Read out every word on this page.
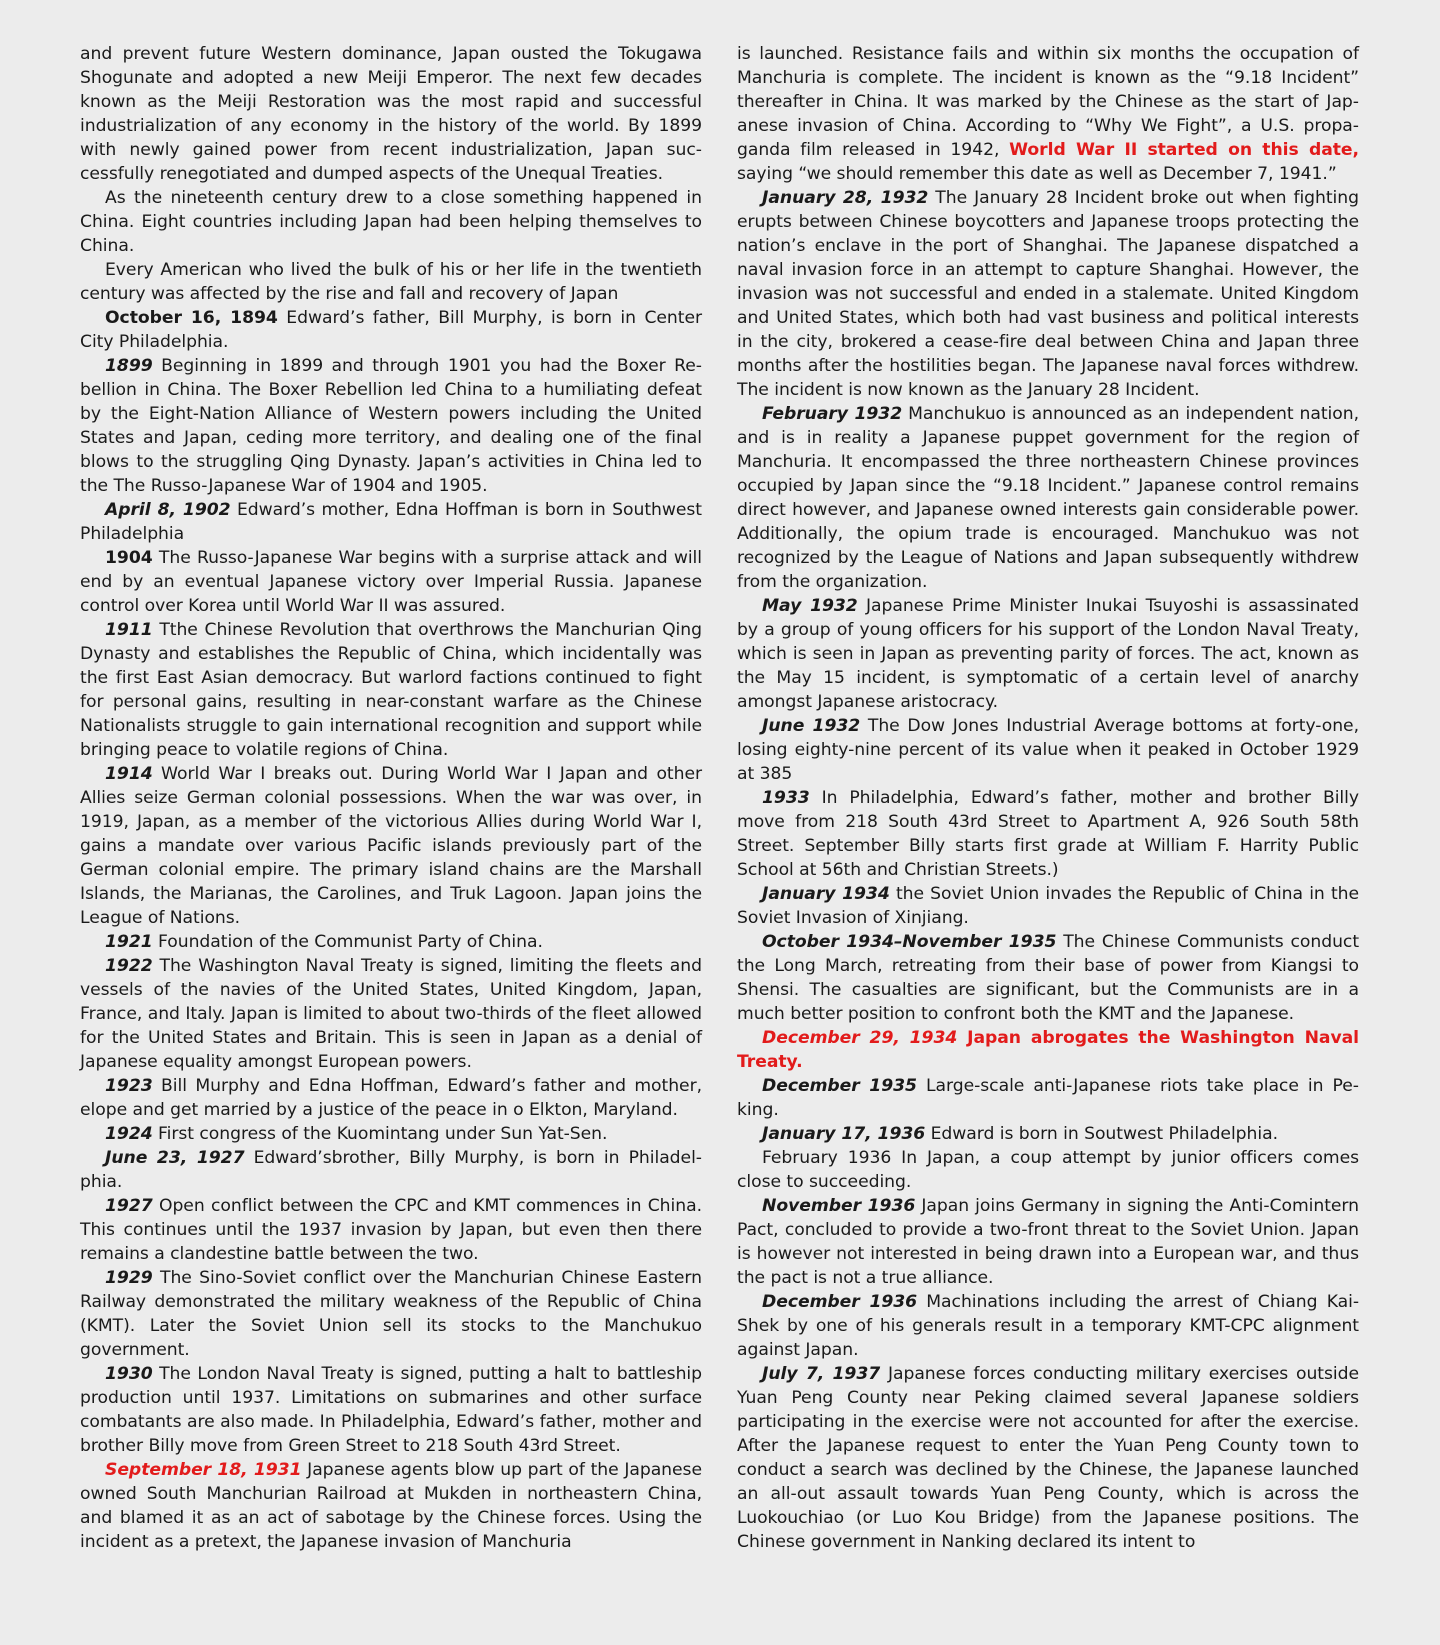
and prevent future Western dominance, Japan ousted the Tokugawa Shogunate and adopted a new Meiji Emperor. The next few decades known as the Meiji Restoration was the most rapid and successful industrialization of any economy in the history of the world. By 1899 with newly gained power from recent industrialization, Japan successfully renegotiated and dumped aspects of the Unequal Treaties.

As the nineteenth century drew to a close something happened in China. Eight countries including Japan had been helping themselves to China.

Every American who lived the bulk of his or her life in the twentieth century was affected by the rise and fall and recovery of Japan

October 16, 1894 Edward’s father, Bill Murphy, is born in Center City Philadelphia.

1899 Beginning in 1899 and through 1901 you had the Boxer Rebellion in China. The Boxer Rebellion led China to a humiliating defeat by the Eight-Nation Alliance of Western powers including the United States and Japan, ceding more territory, and dealing one of the final blows to the struggling Qing Dynasty. Japan’s activities in China led to the The Russo-Japanese War of 1904 and 1905.

April 8, 1902 Edward’s mother, Edna Hoffman is born in Southwest Philadelphia

1904 The Russo-Japanese War begins with a surprise attack and will end by an eventual Japanese victory over Imperial Russia. Japanese control over Korea until World War II was assured.

1911 Tthe Chinese Revolution that overthrows the Manchurian Qing Dynasty and establishes the Republic of China, which incidentally was the first East Asian democracy. But warlord factions continued to fight for personal gains, resulting in near-constant warfare as the Chinese Nationalists struggle to gain international recognition and support while bringing peace to volatile regions of China.

1914 World War I breaks out. During World War I Japan and other Allies seize German colonial possessions. When the war was over, in 1919, Japan, as a member of the victorious Allies during World War I, gains a mandate over various Pacific islands previously part of the German colonial empire. The primary island chains are the Marshall Islands, the Marianas, the Carolines, and Truk Lagoon. Japan joins the League of Nations.

1921 Foundation of the Communist Party of China.

1922 The Washington Naval Treaty is signed, limiting the fleets and vessels of the navies of the United States, United Kingdom, Japan, France, and Italy. Japan is limited to about two-thirds of the fleet allowed for the United States and Britain. This is seen in Japan as a denial of Japanese equality amongst European powers.

1923 Bill Murphy and Edna Hoffman, Edward’s father and mother, elope and get married by a justice of the peace in o Elkton, Maryland.

1924 First congress of the Kuomintang under Sun Yat-Sen.

June 23, 1927 Edward’sbrother, Billy Murphy, is born in Philadelphia.

1927 Open conflict between the CPC and KMT commences in China. This continues until the 1937 invasion by Japan, but even then there remains a clandestine battle between the two.

1929 The Sino-Soviet conflict over the Manchurian Chinese Eastern Railway demonstrated the military weakness of the Republic of China (KMT). Later the Soviet Union sell its stocks to the Manchukuo government.

1930 The London Naval Treaty is signed, putting a halt to battleship production until 1937. Limitations on submarines and other surface combatants are also made. In Philadelphia, Edward’s father, mother and brother Billy move from Green Street to 218 South 43rd Street.

September 18, 1931 Japanese agents blow up part of the Japanese owned South Manchurian Railroad at Mukden in northeastern China, and blamed it as an act of sabotage by the Chinese forces. Using the incident as a pretext, the Japanese invasion of Manchuria

is launched. Resistance fails and within six months the occupation of Manchuria is complete. The incident is known as the “9.18 Incident” thereafter in China. It was marked by the Chinese as the start of Japanese invasion of China. According to “Why We Fight”, a U.S. propaganda film released in 1942, World War II started on this date, saying “we should remember this date as well as December 7, 1941.”

January 28, 1932 The January 28 Incident broke out when fighting erupts between Chinese boycotters and Japanese troops protecting the nation’s enclave in the port of Shanghai. The Japanese dispatched a naval invasion force in an attempt to capture Shanghai. However, the invasion was not successful and ended in a stalemate. United Kingdom and United States, which both had vast business and political interests in the city, brokered a cease-fire deal between China and Japan three months after the hostilities began. The Japanese naval forces withdrew. The incident is now known as the January 28 Incident.

February 1932 Manchukuo is announced as an independent nation, and is in reality a Japanese puppet government for the region of Manchuria. It encompassed the three northeastern Chinese provinces occupied by Japan since the “9.18 Incident.” Japanese control remains direct however, and Japanese owned interests gain considerable power. Additionally, the opium trade is encouraged. Manchukuo was not recognized by the League of Nations and Japan subsequently withdrew from the organization.

May 1932 Japanese Prime Minister Inukai Tsuyoshi is assassinated by a group of young officers for his support of the London Naval Treaty, which is seen in Japan as preventing parity of forces. The act, known as the May 15 incident, is symptomatic of a certain level of anarchy amongst Japanese aristocracy.

June 1932 The Dow Jones Industrial Average bottoms at forty-one, losing eighty-nine percent of its value when it peaked in October 1929 at 385

1933 In Philadelphia, Edward’s father, mother and brother Billy move from 218 South 43rd Street to Apartment A, 926 South 58th Street. September Billy starts first grade at William F. Harrity Public School at 56th and Christian Streets.)

January 1934 the Soviet Union invades the Republic of China in the Soviet Invasion of Xinjiang.

October 1934–November 1935 The Chinese Communists conduct the Long March, retreating from their base of power from Kiangsi to Shensi. The casualties are significant, but the Communists are in a much better position to confront both the KMT and the Japanese.

December 29, 1934 Japan abrogates the Washington Naval Treaty.

December 1935 Large-scale anti-Japanese riots take place in Peking.

January 17, 1936 Edward is born in Soutwest Philadelphia.

February 1936 In Japan, a coup attempt by junior officers comes close to succeeding.

November 1936 Japan joins Germany in signing the Anti-Comintern Pact, concluded to provide a two-front threat to the Soviet Union. Japan is however not interested in being drawn into a European war, and thus the pact is not a true alliance.

December 1936 Machinations including the arrest of Chiang Kai-Shek by one of his generals result in a temporary KMT-CPC alignment against Japan.

July 7, 1937 Japanese forces conducting military exercises outside Yuan Peng County near Peking claimed several Japanese soldiers participating in the exercise were not accounted for after the exercise. After the Japanese request to enter the Yuan Peng County town to conduct a search was declined by the Chinese, the Japanese launched an all-out assault towards Yuan Peng County, which is across the Luokouchiao (or Luo Kou Bridge) from the Japanese positions. The Chinese government in Nanking declared its intent to
